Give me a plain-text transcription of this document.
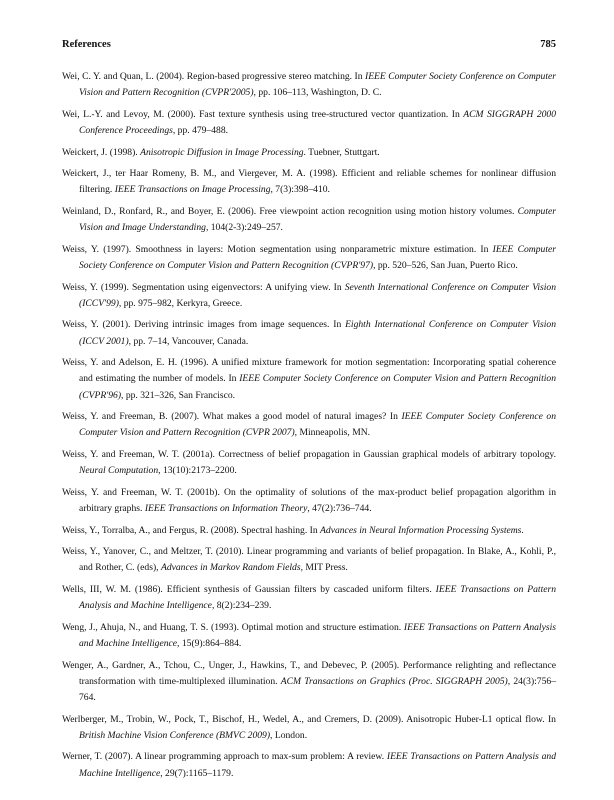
References	785

Wei, C. Y. and Quan, L. (2004). Region-based progressive stereo matching. In IEEE Computer Society Conference on Computer Vision and Pattern Recognition (CVPR'2005), pp. 106–113, Washington, D. C.

Wei, L.-Y. and Levoy, M. (2000). Fast texture synthesis using tree-structured vector quantization. In ACM SIGGRAPH 2000 Conference Proceedings, pp. 479–488.

Weickert, J. (1998). Anisotropic Diffusion in Image Processing. Tuebner, Stuttgart.

Weickert, J., ter Haar Romeny, B. M., and Viergever, M. A. (1998). Efficient and reliable schemes for nonlinear diffusion filtering. IEEE Transactions on Image Processing, 7(3):398–410.

Weinland, D., Ronfard, R., and Boyer, E. (2006). Free viewpoint action recognition using motion history volumes. Computer Vision and Image Understanding, 104(2-3):249–257.

Weiss, Y. (1997). Smoothness in layers: Motion segmentation using nonparametric mixture estimation. In IEEE Computer Society Conference on Computer Vision and Pattern Recognition (CVPR'97), pp. 520–526, San Juan, Puerto Rico.

Weiss, Y. (1999). Segmentation using eigenvectors: A unifying view. In Seventh International Conference on Computer Vision (ICCV'99), pp. 975–982, Kerkyra, Greece.

Weiss, Y. (2001). Deriving intrinsic images from image sequences. In Eighth International Conference on Computer Vision (ICCV 2001), pp. 7–14, Vancouver, Canada.

Weiss, Y. and Adelson, E. H. (1996). A unified mixture framework for motion segmentation: Incorporating spatial coherence and estimating the number of models. In IEEE Computer Society Conference on Computer Vision and Pattern Recognition (CVPR'96), pp. 321–326, San Francisco.

Weiss, Y. and Freeman, B. (2007). What makes a good model of natural images? In IEEE Computer Society Conference on Computer Vision and Pattern Recognition (CVPR 2007), Minneapolis, MN.

Weiss, Y. and Freeman, W. T. (2001a). Correctness of belief propagation in Gaussian graphical models of arbitrary topology. Neural Computation, 13(10):2173–2200.

Weiss, Y. and Freeman, W. T. (2001b). On the optimality of solutions of the max-product belief propagation algorithm in arbitrary graphs. IEEE Transactions on Information Theory, 47(2):736–744.

Weiss, Y., Torralba, A., and Fergus, R. (2008). Spectral hashing. In Advances in Neural Information Processing Systems.

Weiss, Y., Yanover, C., and Meltzer, T. (2010). Linear programming and variants of belief propagation. In Blake, A., Kohli, P., and Rother, C. (eds), Advances in Markov Random Fields, MIT Press.

Wells, III, W. M. (1986). Efficient synthesis of Gaussian filters by cascaded uniform filters. IEEE Transactions on Pattern Analysis and Machine Intelligence, 8(2):234–239.

Weng, J., Ahuja, N., and Huang, T. S. (1993). Optimal motion and structure estimation. IEEE Transactions on Pattern Analysis and Machine Intelligence, 15(9):864–884.

Wenger, A., Gardner, A., Tchou, C., Unger, J., Hawkins, T., and Debevec, P. (2005). Performance relighting and reflectance transformation with time-multiplexed illumination. ACM Transactions on Graphics (Proc. SIGGRAPH 2005), 24(3):756–764.

Werlberger, M., Trobin, W., Pock, T., Bischof, H., Wedel, A., and Cremers, D. (2009). Anisotropic Huber-L1 optical flow. In British Machine Vision Conference (BMVC 2009), London.

Werner, T. (2007). A linear programming approach to max-sum problem: A review. IEEE Transactions on Pattern Analysis and Machine Intelligence, 29(7):1165–1179.
